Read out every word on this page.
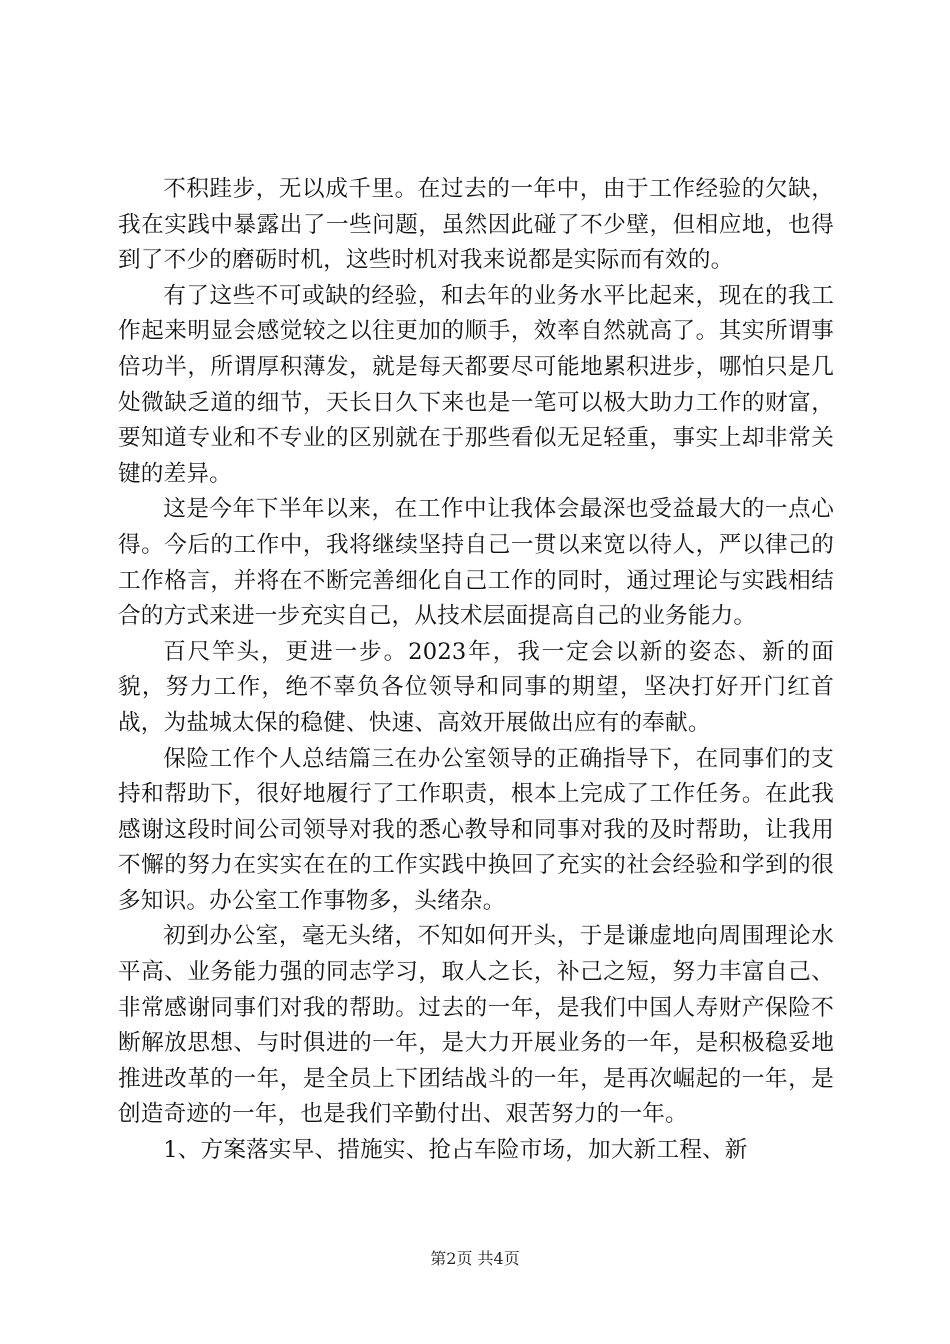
不积跬步，无以成千里。在过去的一年中，由于工作经验的欠缺，我在实践中暴露出了一些问题，虽然因此碰了不少壁，但相应地，也得到了不少的磨砺时机，这些时机对我来说都是实际而有效的。

有了这些不可或缺的经验，和去年的业务水平比起来，现在的我工作起来明显会感觉较之以往更加的顺手，效率自然就高了。其实所谓事倍功半，所谓厚积薄发，就是每天都要尽可能地累积进步，哪怕只是几处微缺乏道的细节，天长日久下来也是一笔可以极大助力工作的财富，要知道专业和不专业的区别就在于那些看似无足轻重，事实上却非常关键的差异。

这是今年下半年以来，在工作中让我体会最深也受益最大的一点心得。今后的工作中，我将继续坚持自己一贯以来宽以待人，严以律己的工作格言，并将在不断完善细化自己工作的同时，通过理论与实践相结合的方式来进一步充实自己，从技术层面提高自己的业务能力。

百尺竿头，更进一步。2023年，我一定会以新的姿态、新的面貌，努力工作，绝不辜负各位领导和同事的期望，坚决打好开门红首战，为盐城太保的稳健、快速、高效开展做出应有的奉献。

保险工作个人总结篇三在办公室领导的正确指导下，在同事们的支持和帮助下，很好地履行了工作职责，根本上完成了工作任务。在此我感谢这段时间公司领导对我的悉心教导和同事对我的及时帮助，让我用不懈的努力在实实在在的工作实践中换回了充实的社会经验和学到的很多知识。办公室工作事物多，头绪杂。

初到办公室，毫无头绪，不知如何开头，于是谦虚地向周围理论水平高、业务能力强的同志学习，取人之长，补己之短，努力丰富自己、非常感谢同事们对我的帮助。过去的一年，是我们中国人寿财产保险不断解放思想、与时俱进的一年，是大力开展业务的一年，是积极稳妥地推进改革的一年，是全员上下团结战斗的一年，是再次崛起的一年，是创造奇迹的一年，也是我们辛勤付出、艰苦努力的一年。

1、方案落实早、措施实、抢占车险市场，加大新工程、新

第2页 共4页
